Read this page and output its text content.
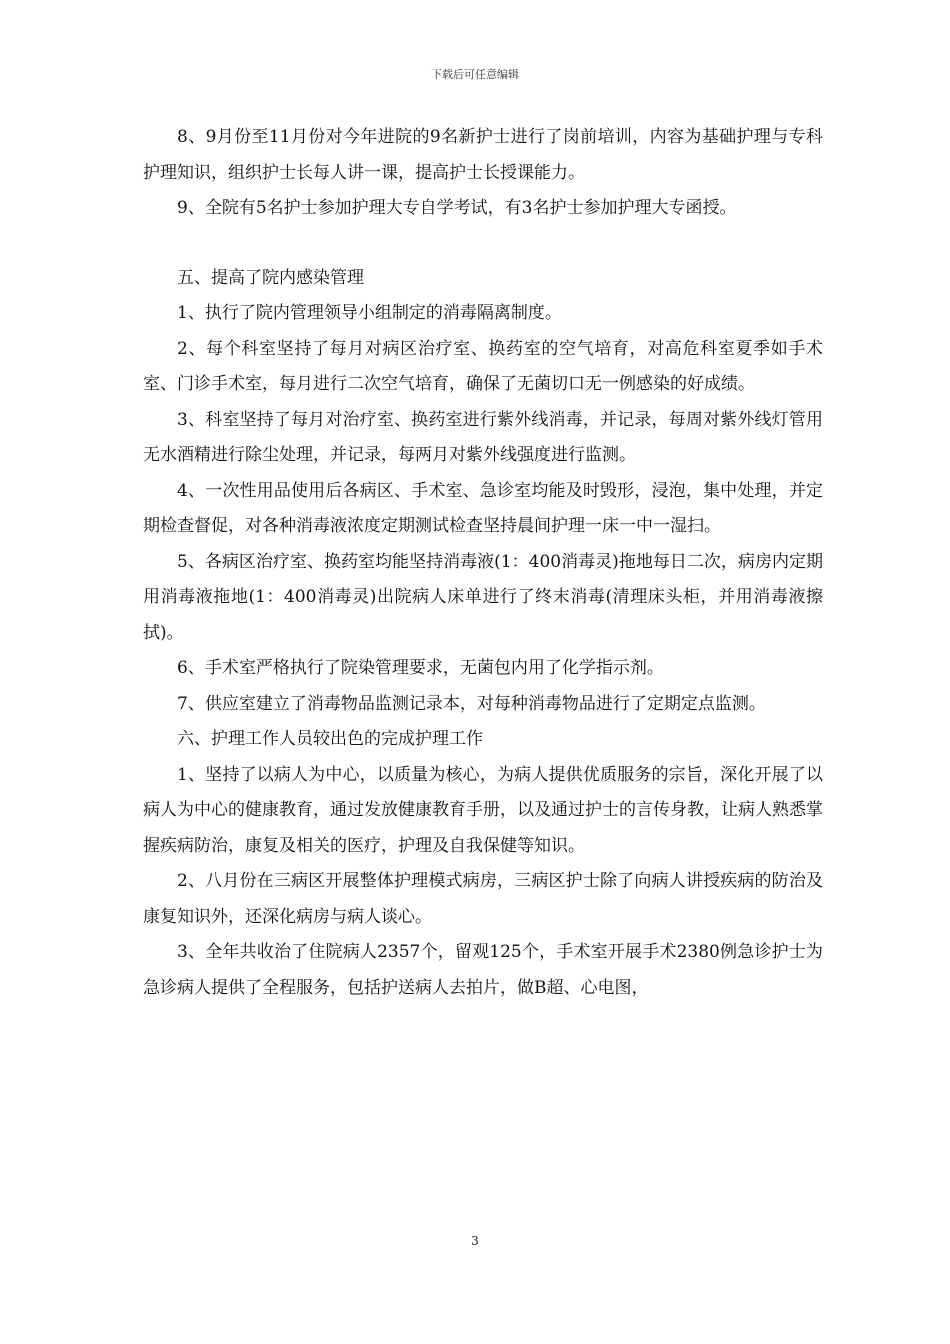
下载后可任意编辑

8、9月份至11月份对今年进院的9名新护士进行了岗前培训，内容为基础护理与专科护理知识，组织护士长每人讲一课，提高护士长授课能力。

9、全院有5名护士参加护理大专自学考试，有3名护士参加护理大专函授。

五、提高了院内感染管理

1、执行了院内管理领导小组制定的消毒隔离制度。

2、每个科室坚持了每月对病区治疗室、换药室的空气培育，对高危科室夏季如手术室、门诊手术室，每月进行二次空气培育，确保了无菌切口无一例感染的好成绩。

3、科室坚持了每月对治疗室、换药室进行紫外线消毒，并记录，每周对紫外线灯管用无水酒精进行除尘处理，并记录，每两月对紫外线强度进行监测。

4、一次性用品使用后各病区、手术室、急诊室均能及时毁形，浸泡，集中处理，并定期检查督促，对各种消毒液浓度定期测试检查坚持晨间护理一床一中一湿扫。

5、各病区治疗室、换药室均能坚持消毒液(1：400消毒灵)拖地每日二次，病房内定期用消毒液拖地(1：400消毒灵)出院病人床单进行了终末消毒(清理床头柜，并用消毒液擦拭)。

6、手术室严格执行了院染管理要求，无菌包内用了化学指示剂。

7、供应室建立了消毒物品监测记录本，对每种消毒物品进行了定期定点监测。

六、护理工作人员较出色的完成护理工作

1、坚持了以病人为中心，以质量为核心，为病人提供优质服务的宗旨，深化开展了以病人为中心的健康教育，通过发放健康教育手册，以及通过护士的言传身教，让病人熟悉掌握疾病防治，康复及相关的医疗，护理及自我保健等知识。

2、八月份在三病区开展整体护理模式病房，三病区护士除了向病人讲授疾病的防治及康复知识外，还深化病房与病人谈心。

3、全年共收治了住院病人2357个，留观125个，手术室开展手术2380例急诊护士为急诊病人提供了全程服务，包括护送病人去拍片，做B超、心电图，

3
